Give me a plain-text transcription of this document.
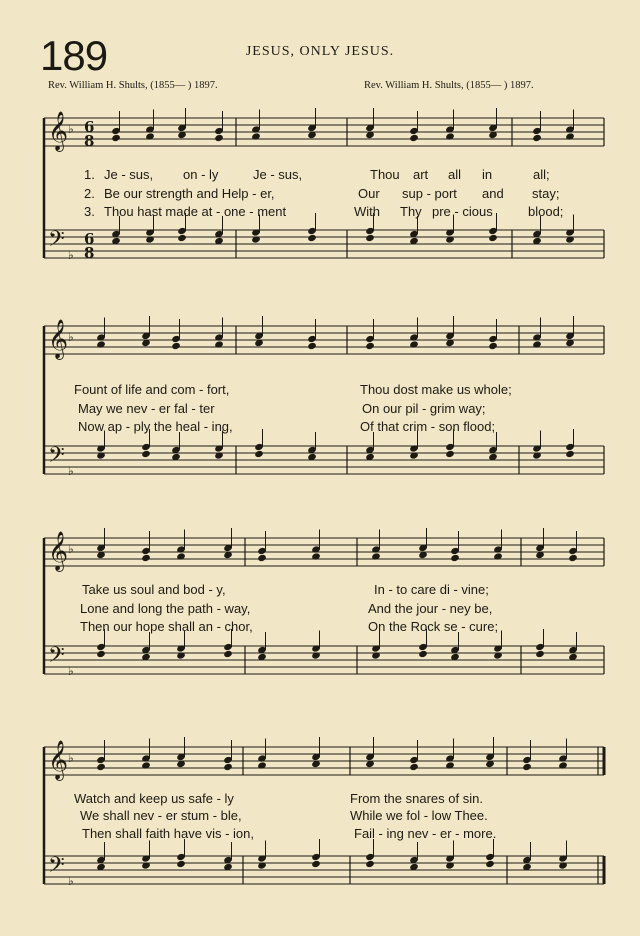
189	JESUS, ONLY JESUS.
Rev. William H. Shults, (1855— ) 1897.	Rev. William H. Shults, (1855— ) 1897.
𝄞 ♭ 6
8
𝄢 ♭
6
8
𝄞 ♭
𝄢 ♭
𝄞 ♭
𝄢 ♭
𝄞 ♭
𝄢 ♭
1. Je - sus, on - ly	Je - sus,	Thou art all in	all;
2. Be our strength and Help - er,	Our sup - port and stay;
3. Thou hast made at - one - ment	With Thy pre - cious	blood;
Fount of life and com - fort,	Thou dost make us whole;
May we nev - er fal - ter	On our pil - grim way;
Now ap - ply the heal - ing,	Of that crim - son flood;
Take us soul and bod - y,	In - to care di - vine;
Lone and long the path - way,	And the jour - ney be,
Then our hope shall an - chor,	On the Rock se - cure;
Watch and keep us safe - ly	From the snares of sin.
We shall nev - er stum - ble,	While we fol - low Thee.
Then shall faith have vis - ion,	Fail - ing nev - er - more.
